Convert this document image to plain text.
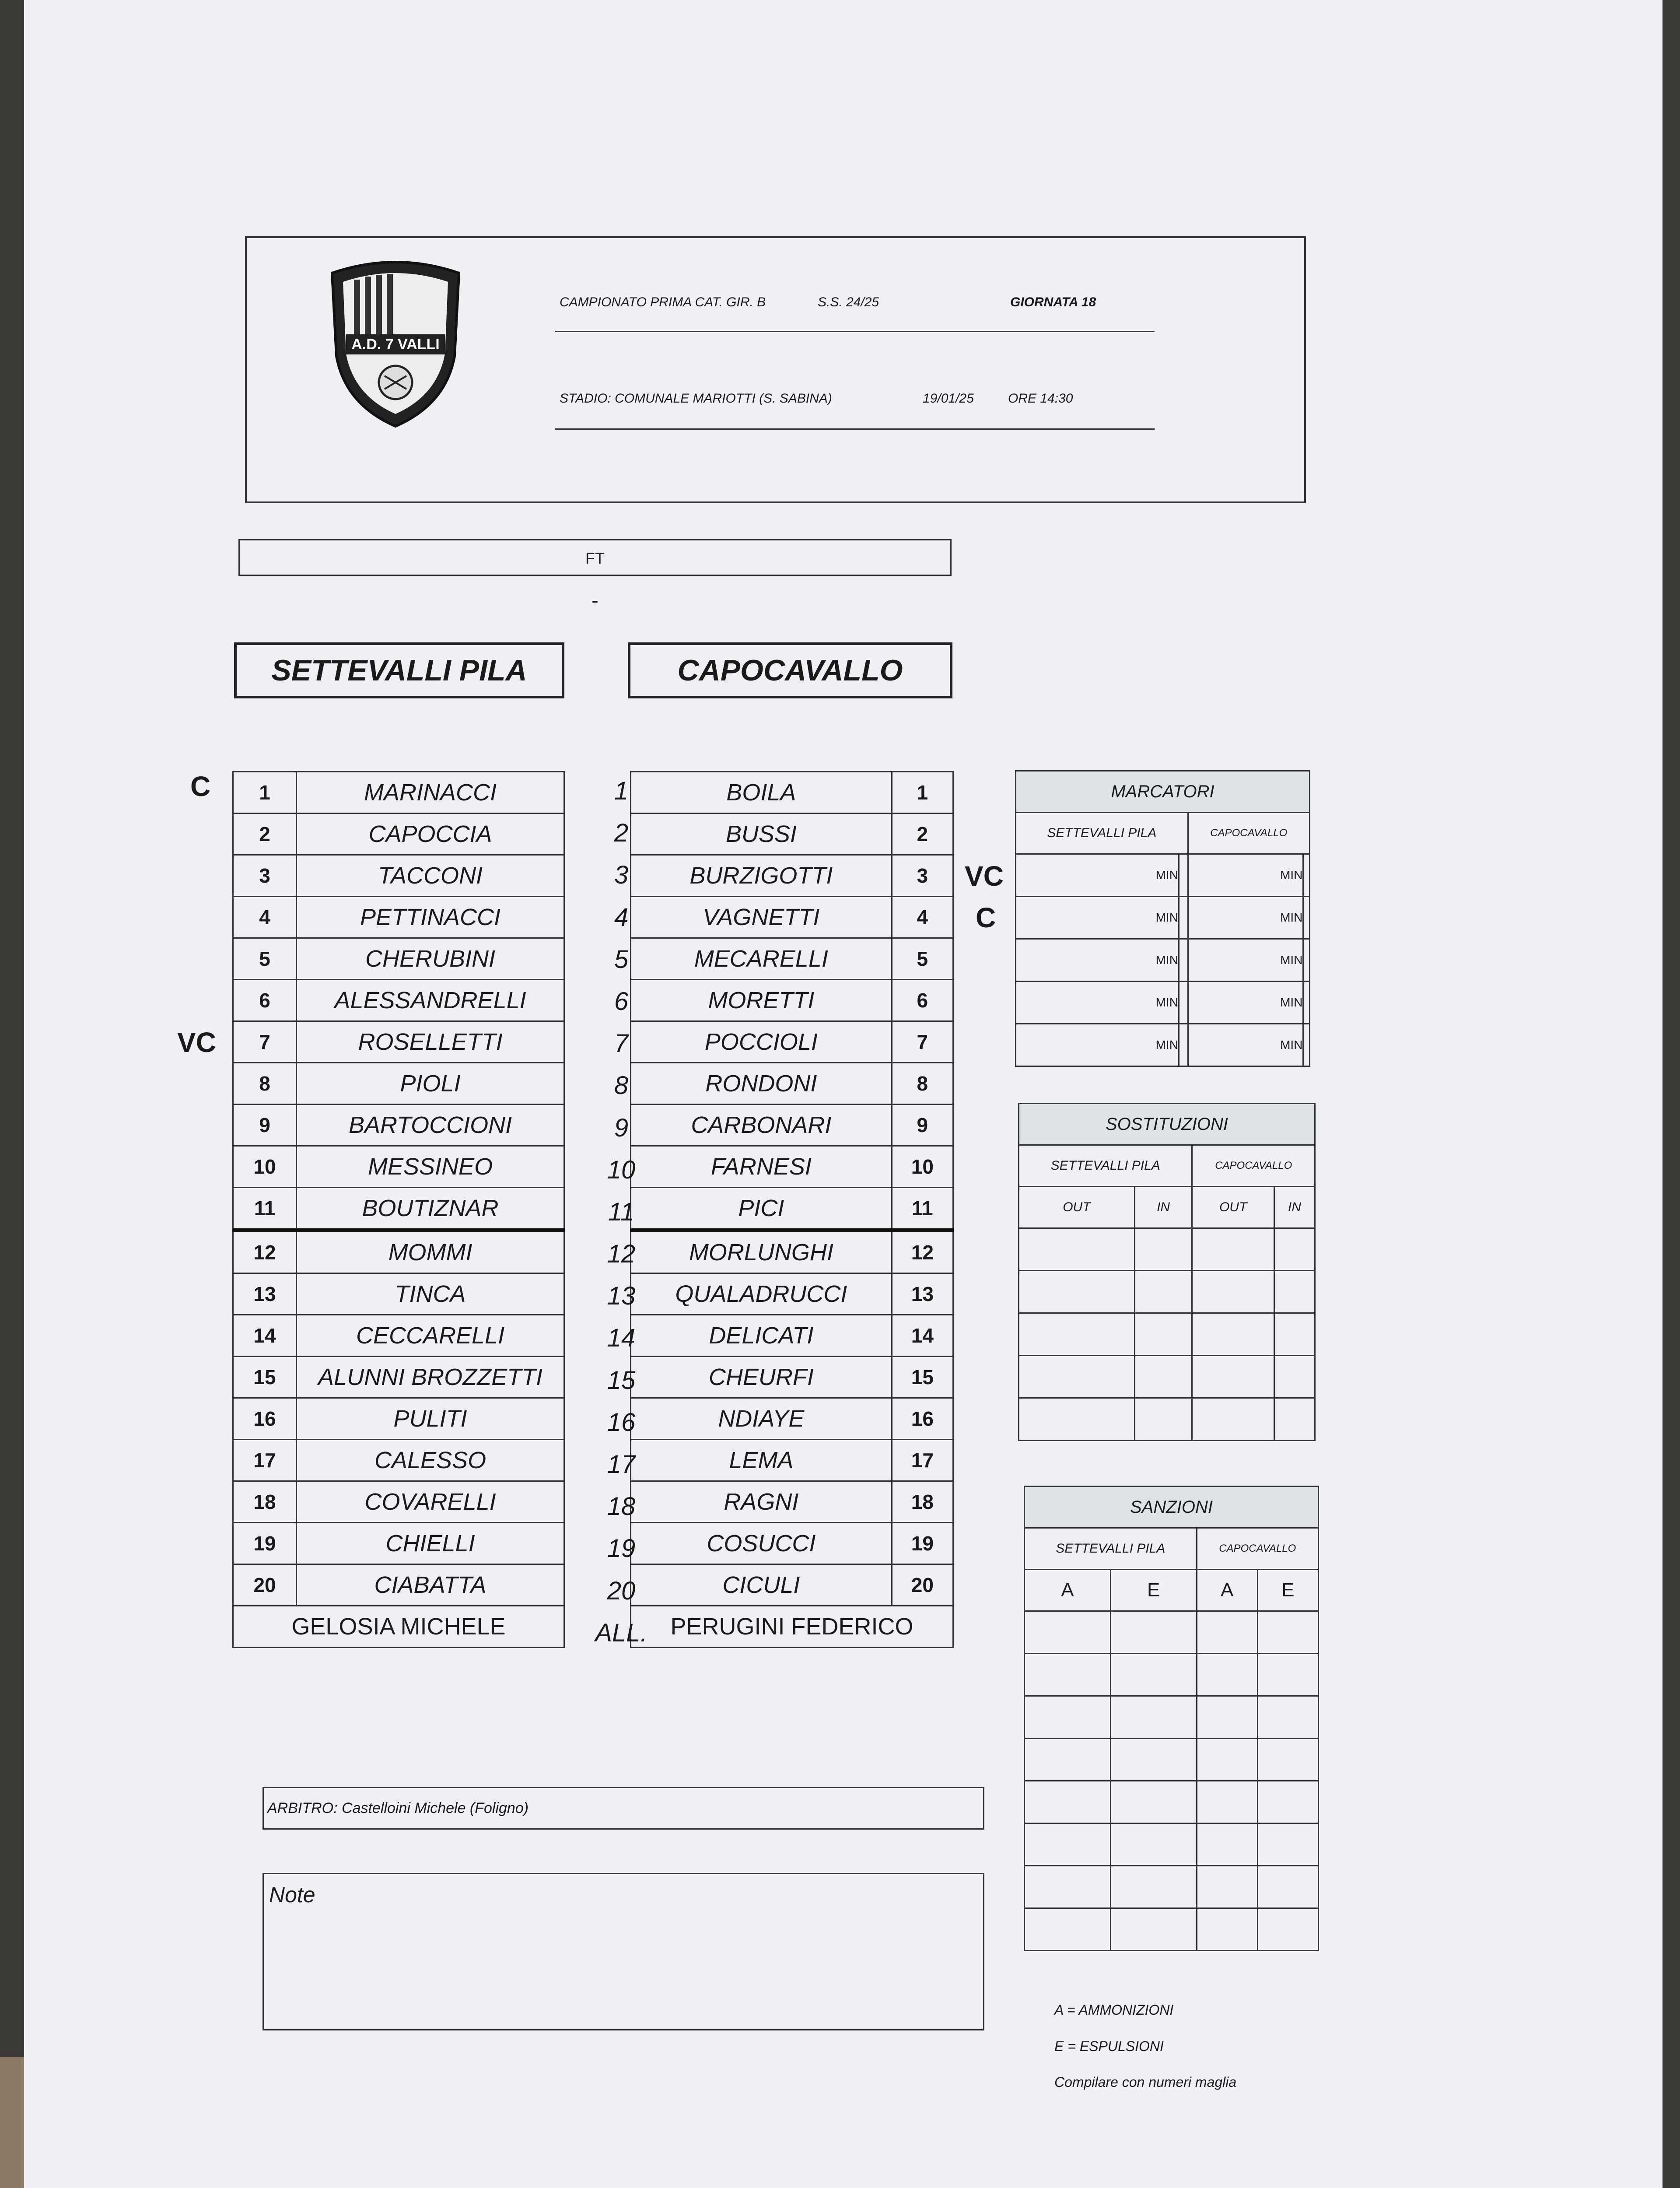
A.D. 7 VALLI
CAMPIONATO PRIMA CAT. GIR. B	S.S. 24/25	GIORNATA 18
STADIO: COMUNALE MARIOTTI (S. SABINA)	19/01/25	ORE 14:30
FT
-
SETTEVALLI PILA	CAPOCAVALLO
C
VC
VC
C
1	MARINACCI
2	CAPOCCIA
3	TACCONI
4	PETTINACCI
5	CHERUBINI
6	ALESSANDRELLI
7	ROSELLETTI
8	PIOLI
9	BARTOCCIONI
10	MESSINEO
11	BOUTIZNAR
12	MOMMI
13	TINCA
14	CECCARELLI
15	ALUNNI BROZZETTI
16	PULITI
17	CALESSO
18	COVARELLI
19	CHIELLI
20	CIABATTA
GELOSIA MICHELE	
BOILA	1
BUSSI	2
BURZIGOTTI	3
VAGNETTI	4
MECARELLI	5
MORETTI	6
POCCIOLI	7
RONDONI	8
CARBONARI	9
FARNESI	10
PICI	11
MORLUNGHI	12
QUALADRUCCI	13
DELICATI	14
CHEURFI	15
NDIAYE	16
LEMA	17
RAGNI	18
COSUCCI	19
CICULI	20
PERUGINI FEDERICO	
1
2
3
4
5
6
7
8
9
10
11
12
13
14
15
16
17
18
19
20
ALL.
MARCATORI			
SETTEVALLI PILA		CAPOCAVALLO	
MIN		MIN	
MIN		MIN	
MIN		MIN	
MIN		MIN	
MIN		MIN	
SOSTITUZIONI			
SETTEVALLI PILA		CAPOCAVALLO	
OUT	IN	OUT	IN

SANZIONI			
SETTEVALLI PILA		CAPOCAVALLO	
A	E	A	E

ARBITRO: Castelloini Michele (Foligno)
Note
A = AMMONIZIONI
E = ESPULSIONI
Compilare con numeri maglia
